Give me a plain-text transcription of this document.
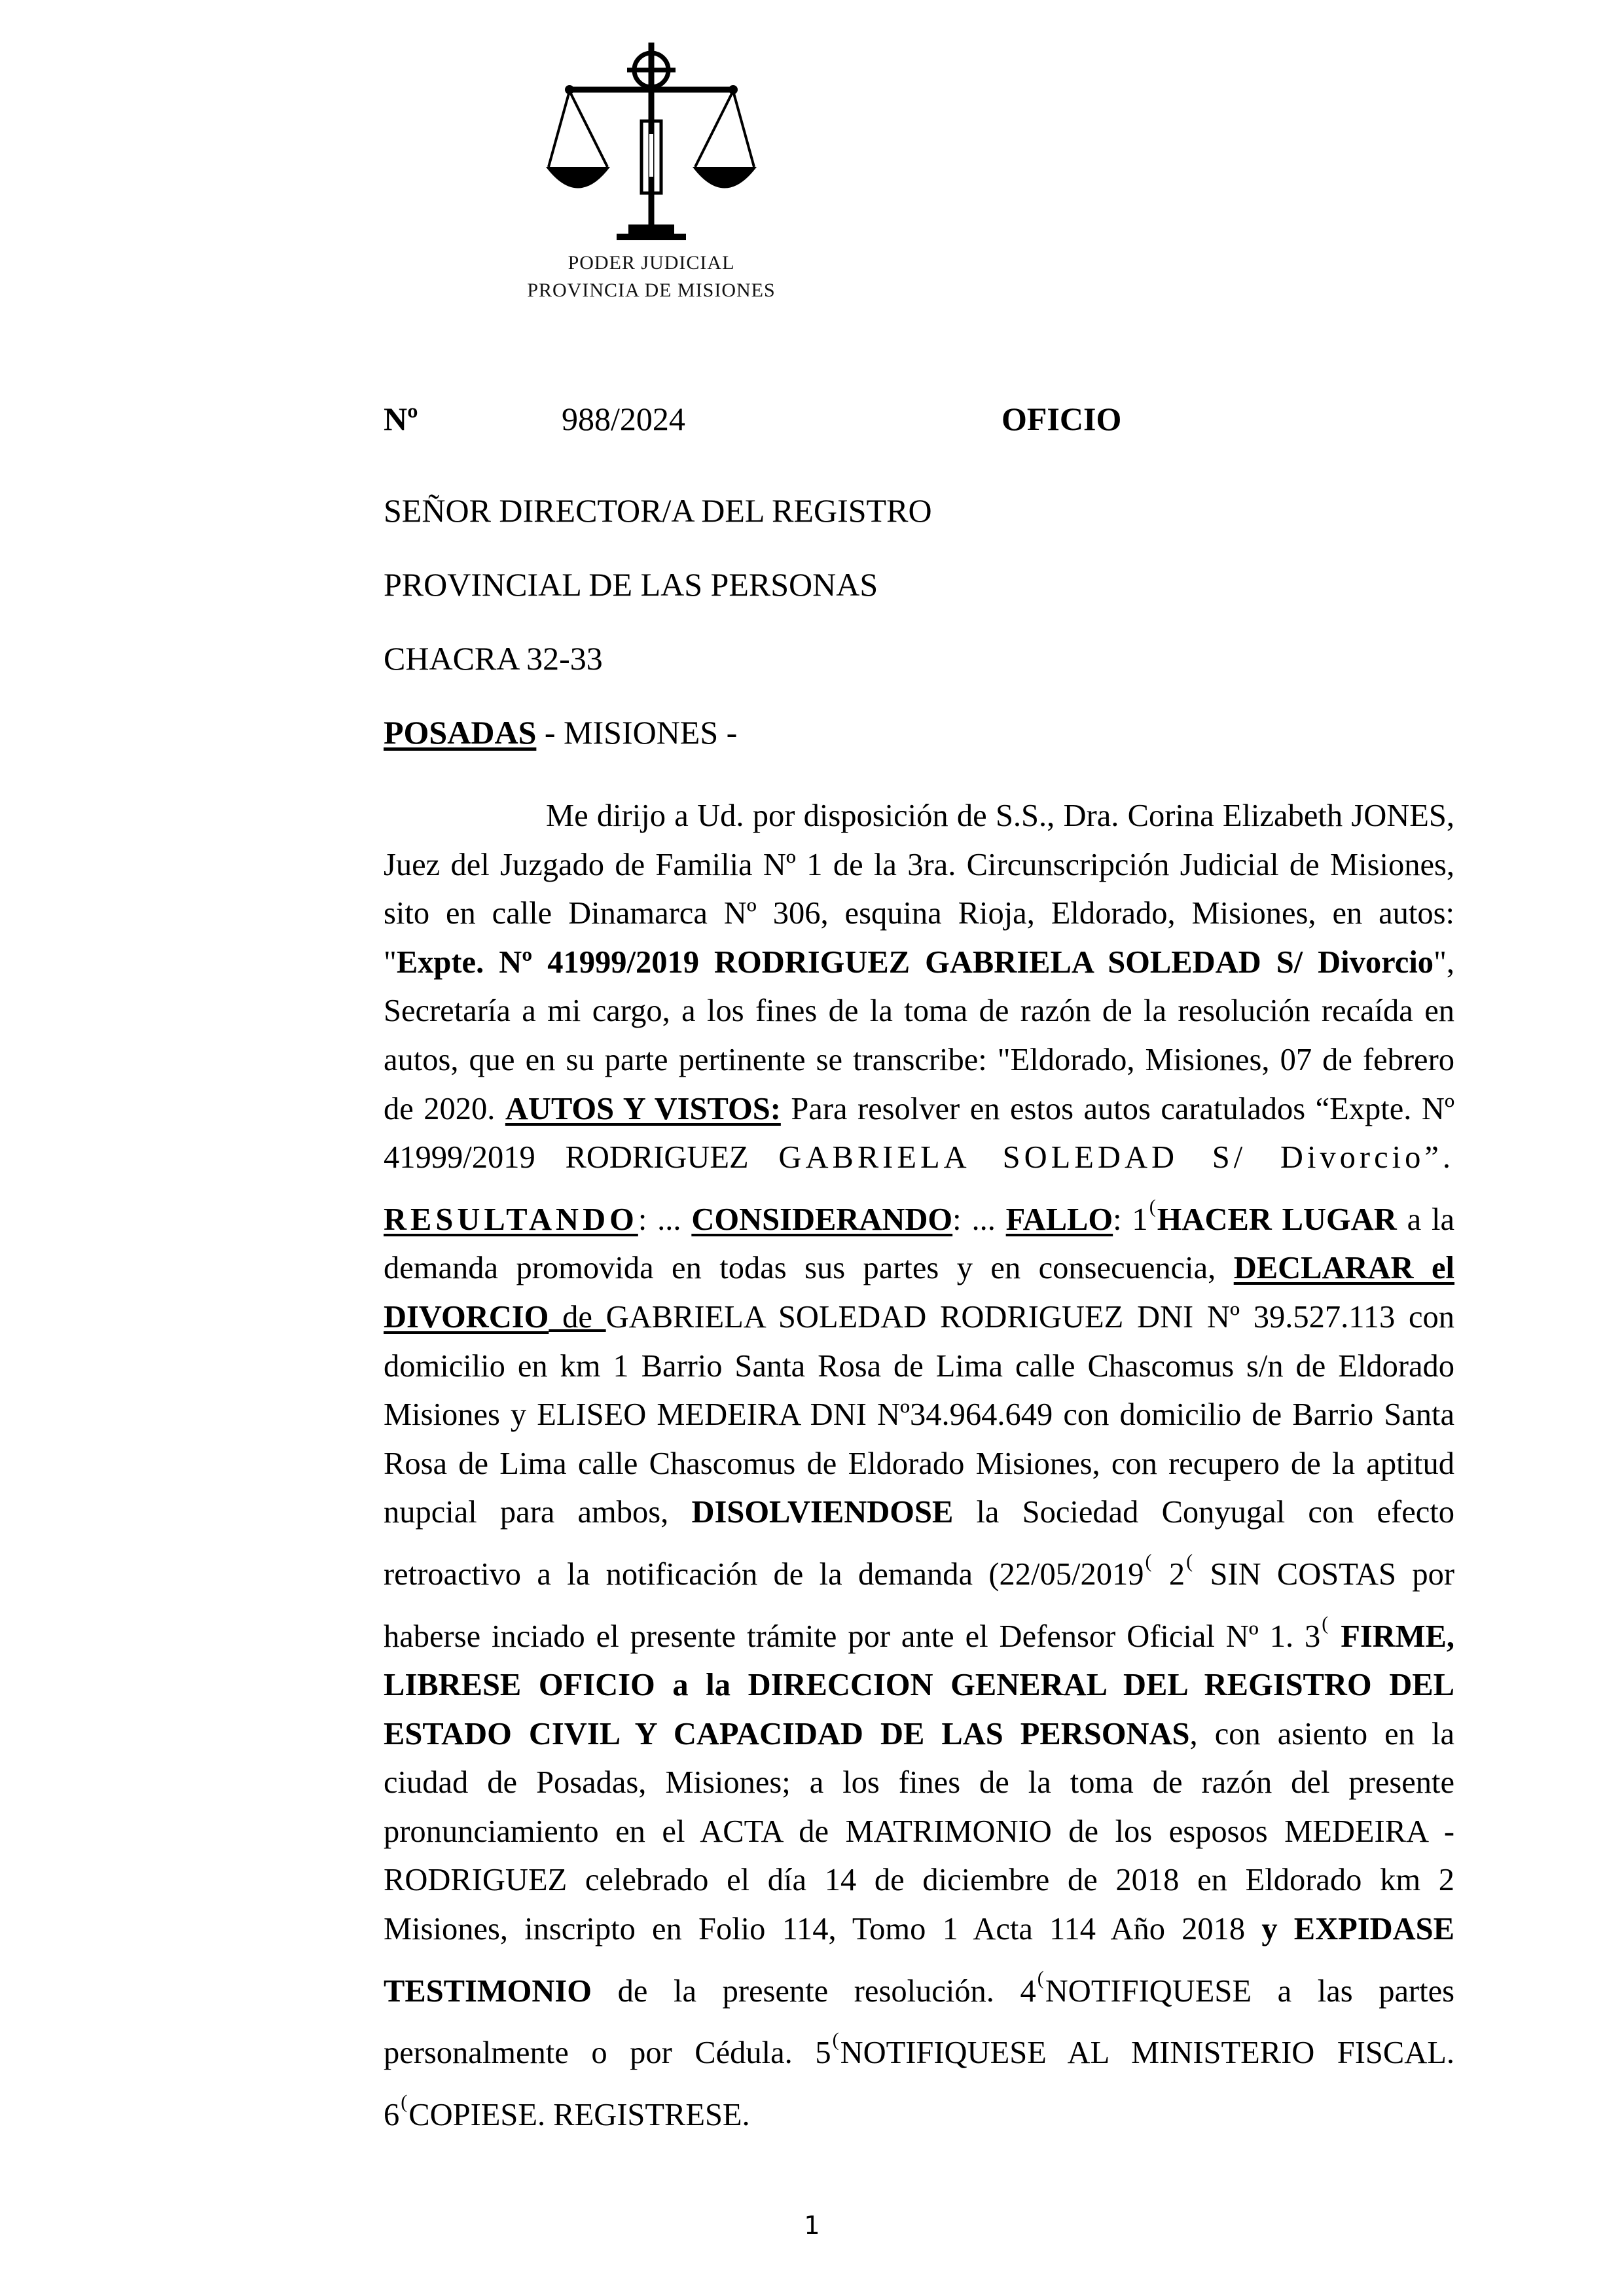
PODER JUDICIAL
PROVINCIA DE MISIONES
Nº	988/2024	OFICIO
SEÑOR DIRECTOR/A DEL REGISTRO
PROVINCIAL DE LAS PERSONAS
CHACRA 32-33
POSADAS - MISIONES -

Me dirijo a Ud. por disposición de S.S., Dra. Corina Elizabeth JONES, Juez del Juzgado de Familia Nº 1 de la 3ra. Circunscripción Judicial de Misiones, sito en calle Dinamarca Nº 306, esquina Rioja, Eldorado, Misiones, en autos: "Expte. Nº 41999/2019 RODRIGUEZ GABRIELA SOLEDAD S/ Divorcio", Secretaría a mi cargo, a los fines de la toma de razón de la resolución recaída en autos, que en su parte pertinente se transcribe: "Eldorado, Misiones, 07 de febrero de 2020. AUTOS Y VISTOS: Para resolver en estos autos caratulados “Expte. Nº 41999/2019 RODRIGUEZ GABRIELA SOLEDAD S/ Divorcio”. RESULTANDO: ... CONSIDERANDO: ... FALLO: 1(HACER LUGAR a la demanda promovida en todas sus partes y en consecuencia, DECLARAR el DIVORCIO de GABRIELA SOLEDAD RODRIGUEZ DNI Nº 39.527.113 con domicilio en km 1 Barrio Santa Rosa de Lima calle Chascomus s/n de Eldorado Misiones y ELISEO MEDEIRA DNI Nº34.964.649 con domicilio de Barrio Santa Rosa de Lima calle Chascomus de Eldorado Misiones, con recupero de la aptitud nupcial para ambos, DISOLVIENDOSE la Sociedad Conyugal con efecto retroactivo a la notificación de la demanda (22/05/2019( 2( SIN COSTAS por haberse inciado el presente trámite por ante el Defensor Oficial Nº 1. 3( FIRME, LIBRESE OFICIO a la DIRECCION GENERAL DEL REGISTRO DEL ESTADO CIVIL Y CAPACIDAD DE LAS PERSONAS, con asiento en la ciudad de Posadas, Misiones; a los fines de la toma de razón del presente pronunciamiento en el ACTA de MATRIMONIO de los esposos MEDEIRA - RODRIGUEZ celebrado el día 14 de diciembre de 2018 en Eldorado km 2 Misiones, inscripto en Folio 114, Tomo 1 Acta 114 Año 2018 y EXPIDASE TESTIMONIO de la presente resolución. 4(NOTIFIQUESE a las partes personalmente o por Cédula. 5(NOTIFIQUESE AL MINISTERIO FISCAL. 6(COPIESE. REGISTRESE.

1
